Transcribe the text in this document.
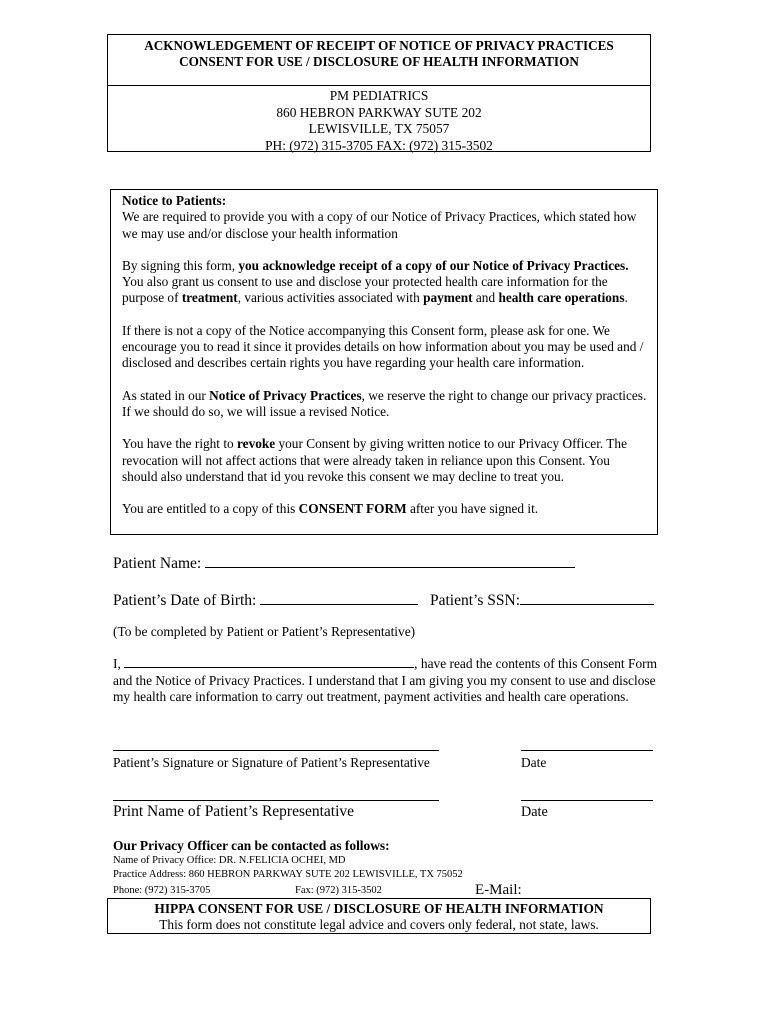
ACKNOWLEDGEMENT OF RECEIPT OF NOTICE OF PRIVACY PRACTICES
CONSENT FOR USE / DISCLOSURE OF HEALTH INFORMATION
PM PEDIATRICS
860 HEBRON PARKWAY SUTE 202
LEWISVILLE, TX 75057
PH: (972) 315-3705 FAX: (972) 315-3502

Notice to Patients:
We are required to provide you with a copy of our Notice of Privacy Practices, which stated how we may use and/or disclose your health information

By signing this form, you acknowledge receipt of a copy of our Notice of Privacy Practices. You also grant us consent to use and disclose your protected health care information for the purpose of treatment, various activities associated with payment and health care operations.

If there is not a copy of the Notice accompanying this Consent form, please ask for one. We encourage you to read it since it provides details on how information about you may be used and / disclosed and describes certain rights you have regarding your health care information.

As stated in our Notice of Privacy Practices, we reserve the right to change our privacy practices. If we should do so, we will issue a revised Notice.

You have the right to revoke your Consent by giving written notice to our Privacy Officer. The revocation will not affect actions that were already taken in reliance upon this Consent. You should also understand that id you revoke this consent we may decline to treat you.

You are entitled to a copy of this CONSENT FORM after you have signed it.

Patient Name:
Patient’s Date of Birth:	Patient’s SSN:
(To be completed by Patient or Patient’s Representative)
I,	, have read the contents of this Consent Form and the Notice of Privacy Practices. I understand that I am giving you my consent to use and disclose my health care information to carry out treatment, payment activities and health care operations.
Patient’s Signature or Signature of Patient’s Representative	Date
Print Name of Patient’s Representative	Date
Our Privacy Officer can be contacted as follows:
Name of Privacy Office: DR. N.FELICIA OCHEI, MD
Practice Address: 860 HEBRON PARKWAY SUTE 202 LEWISVILLE, TX 75052
Phone: (972) 315-3705	Fax: (972) 315-3502	E-Mail:
HIPPA CONSENT FOR USE / DISCLOSURE OF HEALTH INFORMATION
This form does not constitute legal advice and covers only federal, not state, laws.
